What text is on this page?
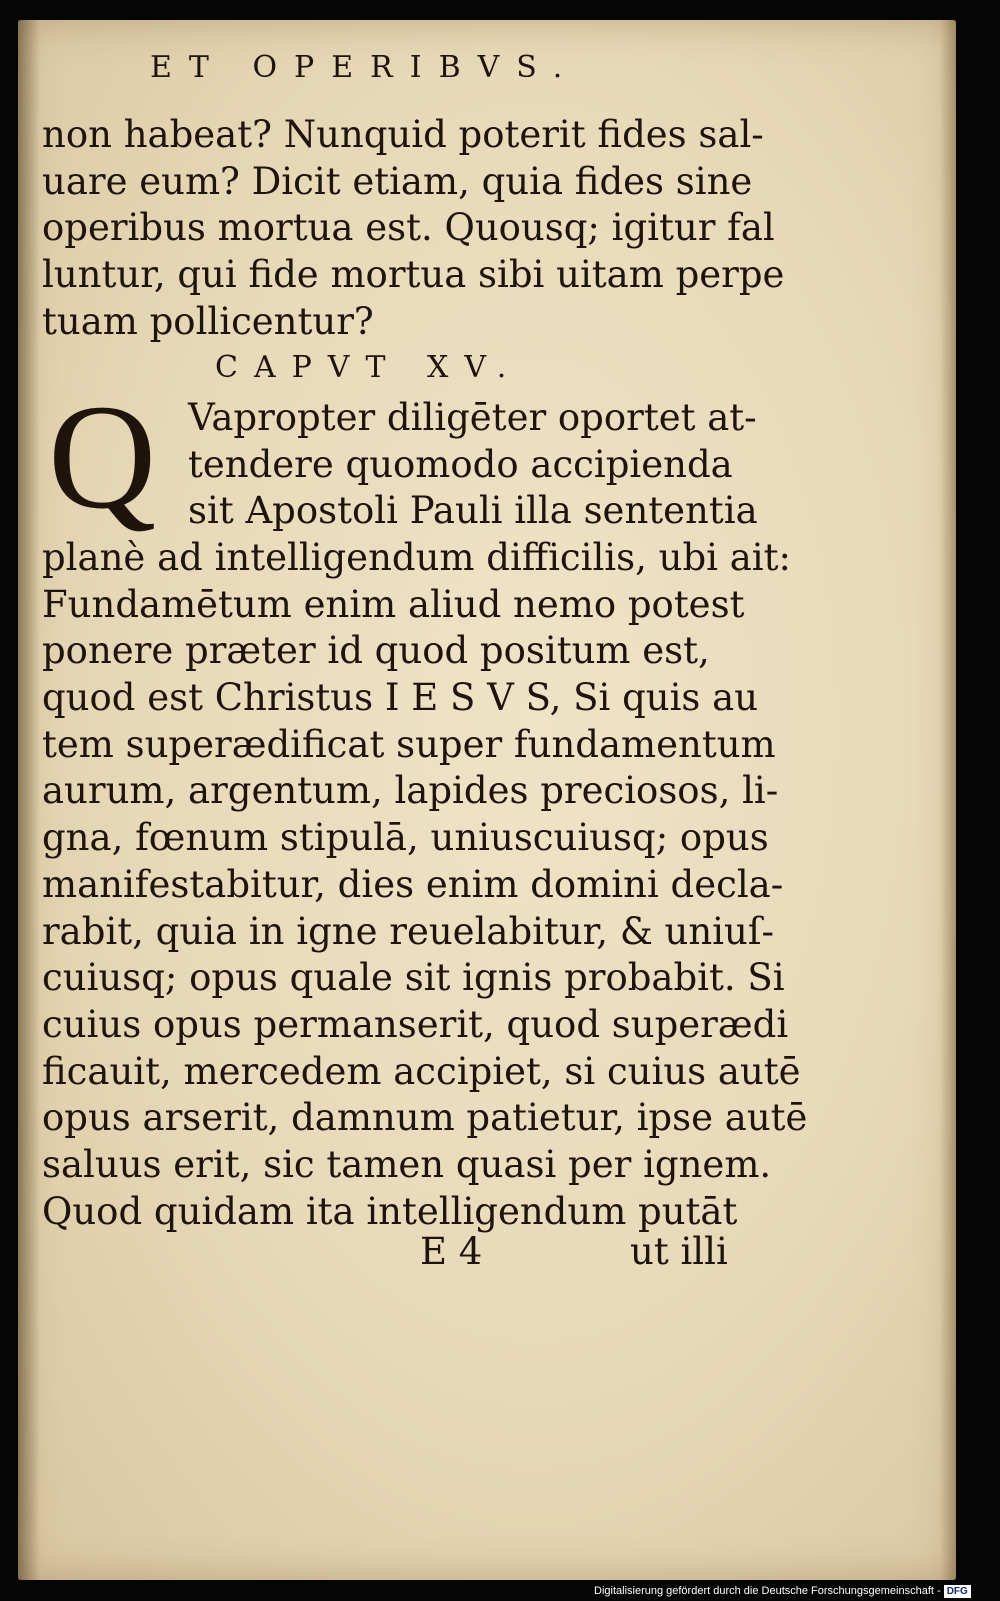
ET OPERIBVS.
non habeat? Nunquid poterit fides sal-
uare eum? Dicit etiam, quia fides sine
operibus mortua est. Quousq; igitur fal
luntur, qui fide mortua sibi uitam perpe
tuam pollicentur?
CAPVT XV.
Q Vapropter diligēter oportet at-
tendere quomodo accipienda
sit Apostoli Pauli illa sententia
planè ad intelligendum difficilis, ubi ait:
Fundamētum enim aliud nemo potest
ponere præter id quod positum est,
quod est Christus I E S V S, Si quis au
tem superædificat super fundamentum
aurum, argentum, lapides preciosos, li-
gna, fœnum stipulā, uniuscuiusq; opus
manifestabitur, dies enim domini decla-
rabit, quia in igne reuelabitur, & uniuſ-
cuiusq; opus quale sit ignis probabit. Si
cuius opus permanserit, quod superædi
ficauit, mercedem accipiet, si cuius autē
opus arserit, damnum patietur, ipse autē
saluus erit, sic tamen quasi per ignem.
Quod quidam ita intelligendum putāt
E 4	ut illi
Digitalisierung gefördert durch die Deutsche Forschungsgemeinschaft - DFG
